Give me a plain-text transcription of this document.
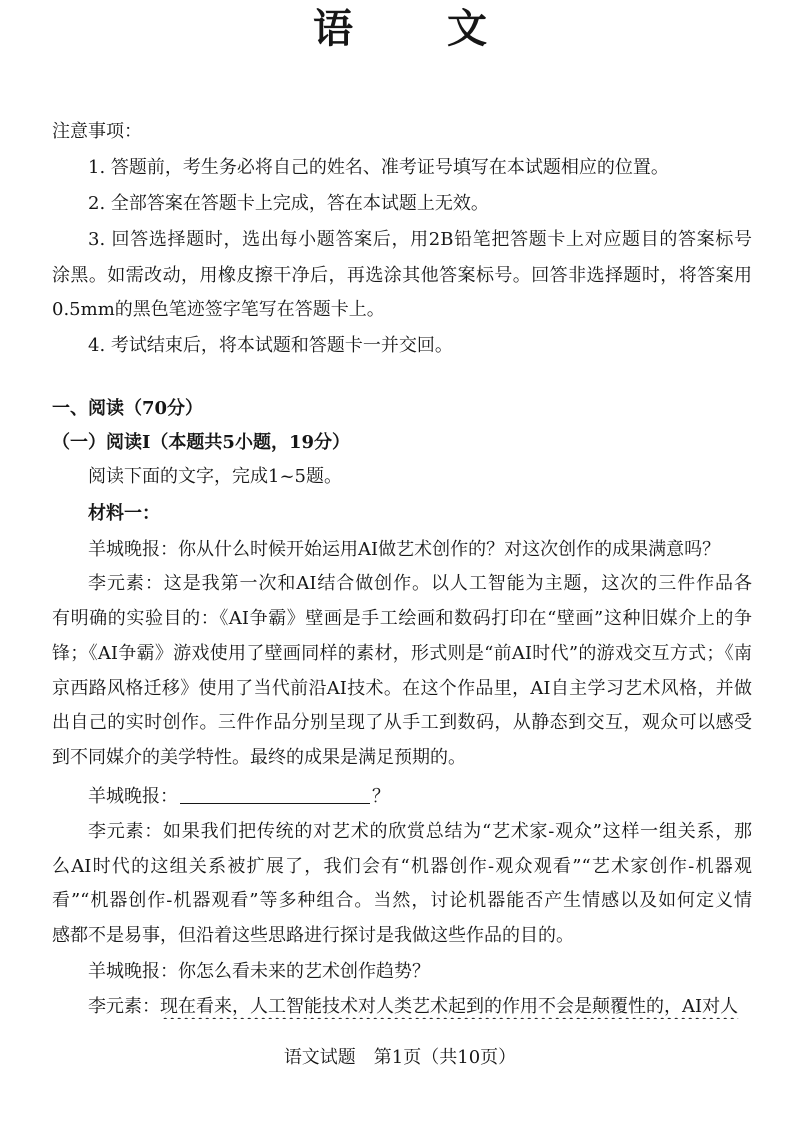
语 文
注意事项：
1. 答题前，考生务必将自己的姓名、准考证号填写在本试题相应的位置。
2. 全部答案在答题卡上完成，答在本试题上无效。
3. 回答选择题时，选出每小题答案后，用2B铅笔把答题卡上对应题目的答案标号
涂黑。如需改动，用橡皮擦干净后，再选涂其他答案标号。回答非选择题时，将答案用
0.5mm的黑色笔迹签字笔写在答题卡上。
4. 考试结束后，将本试题和答题卡一并交回。
一、阅读（70分）
（一）阅读Ⅰ（本题共5小题，19分）
阅读下面的文字，完成1~5题。
材料一：
羊城晚报：你从什么时候开始运用AI做艺术创作的？对这次创作的成果满意吗？
李元素：这是我第一次和AI结合做创作。以人工智能为主题，这次的三件作品各
有明确的实验目的：《AI争霸》壁画是手工绘画和数码打印在“壁画”这种旧媒介上的争
锋；《AI争霸》游戏使用了壁画同样的素材，形式则是“前AI时代”的游戏交互方式；《南
京西路风格迁移》使用了当代前沿AI技术。在这个作品里，AI自主学习艺术风格，并做
出自己的实时创作。三件作品分别呈现了从手工到数码，从静态到交互，观众可以感受
到不同媒介的美学特性。最终的成果是满足预期的。
羊城晚报：	？
李元素：如果我们把传统的对艺术的欣赏总结为“艺术家-观众”这样一组关系，那
么AI时代的这组关系被扩展了，我们会有“机器创作-观众观看”“艺术家创作-机器观
看”“机器创作-机器观看”等多种组合。当然，讨论机器能否产生情感以及如何定义情
感都不是易事，但沿着这些思路进行探讨是我做这些作品的目的。
羊城晚报：你怎么看未来的艺术创作趋势？
李元素：现在看来，人工智能技术对人类艺术起到的作用不会是颠覆性的，AI对人
语文试题　第1页（共10页）
